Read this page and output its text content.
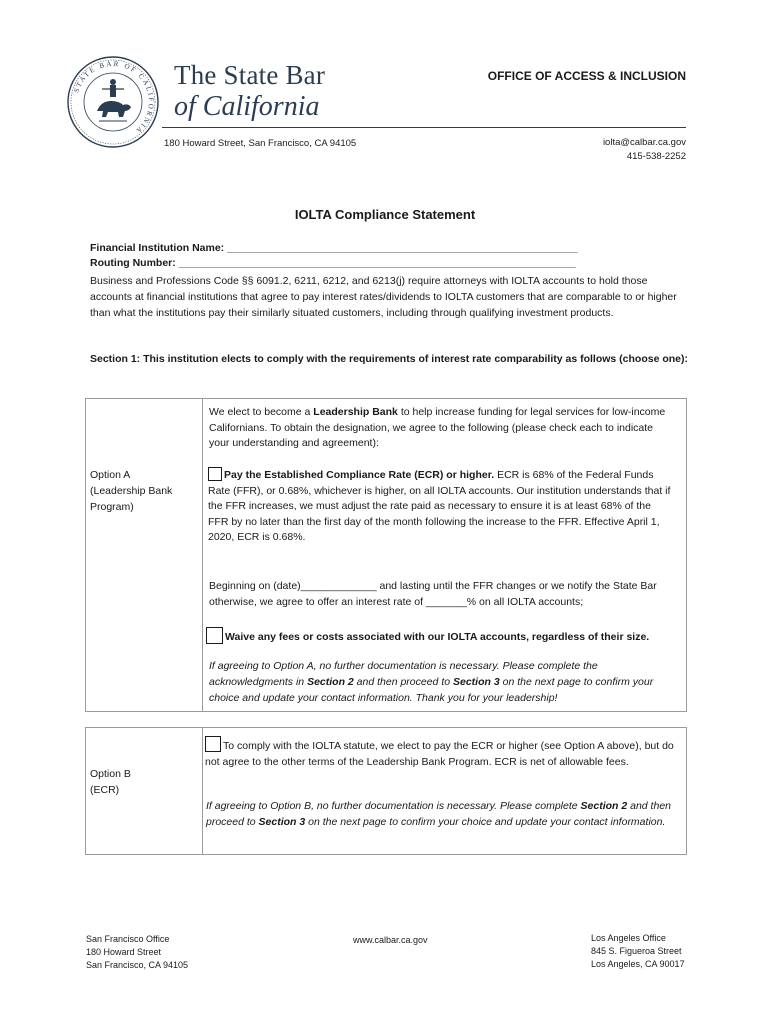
STATE BAR OF CALIFORNIA
The State Bar
of California
OFFICE OF ACCESS & INCLUSION
180 Howard Street, San Francisco, CA 94105	iolta@calbar.ca.gov
415-538-2252
IOLTA Compliance Statement
Financial Institution Name: ____________________________________________________________
Routing Number: ____________________________________________________________________
Business and Professions Code §§ 6091.2, 6211, 6212, and 6213(j) require attorneys with IOLTA accounts to hold those accounts at financial institutions that agree to pay interest rates/dividends to IOLTA customers that are comparable to or higher than what the institutions pay their similarly situated customers, including through qualifying investment products.
Section 1: This institution elects to comply with the requirements of interest rate comparability as follows (choose one):
Option A
(Leadership Bank
Program)
We elect to become a Leadership Bank to help increase funding for legal services for low-income Californians. To obtain the designation, we agree to the following (please check each to indicate your understanding and agreement):
Pay the Established Compliance Rate (ECR) or higher. ECR is 68% of the Federal Funds Rate (FFR), or 0.68%, whichever is higher, on all IOLTA accounts. Our institution understands that if the FFR increases, we must adjust the rate paid as necessary to ensure it is at least 68% of the FFR by no later than the first day of the month following the increase to the FFR. Effective April 1, 2020, ECR is 0.68%.
Beginning on (date)_____________ and lasting until the FFR changes or we notify the State Bar otherwise, we agree to offer an interest rate of _______% on all IOLTA accounts;
Waive any fees or costs associated with our IOLTA accounts, regardless of their size.
If agreeing to Option A, no further documentation is necessary. Please complete the acknowledgments in Section 2 and then proceed to Section 3 on the next page to confirm your choice and update your contact information. Thank you for your leadership!
Option B
(ECR)
To comply with the IOLTA statute, we elect to pay the ECR or higher (see Option A above), but do not agree to the other terms of the Leadership Bank Program. ECR is net of allowable fees.
If agreeing to Option B, no further documentation is necessary. Please complete Section 2 and then proceed to Section 3 on the next page to confirm your choice and update your contact information.
San Francisco Office
180 Howard Street
San Francisco, CA 94105
www.calbar.ca.gov	Los Angeles Office
845 S. Figueroa Street
Los Angeles, CA 90017
